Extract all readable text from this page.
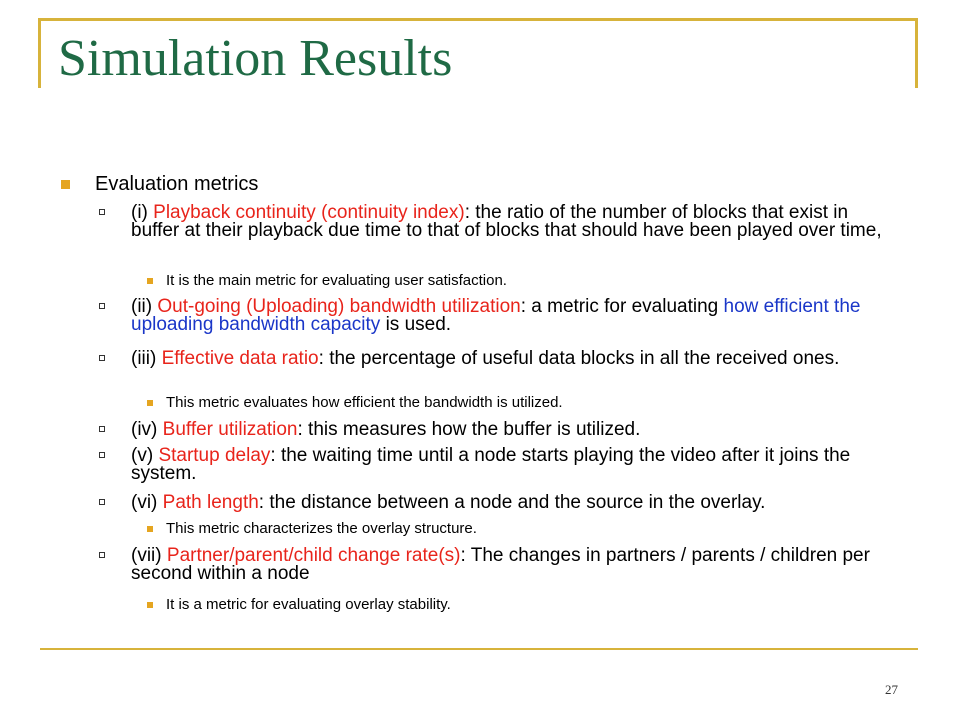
Simulation Results
Evaluation metrics
(i) Playback continuity (continuity index): the ratio of the number of blocks that exist in buffer at their playback due time to that of blocks that should have been played over time,
It is the main metric for evaluating user satisfaction.
(ii) Out-going (Uploading) bandwidth utilization: a metric for evaluating how efficient the uploading bandwidth capacity is used.
(iii) Effective data ratio: the percentage of useful data blocks in all the received ones.
This metric evaluates how efficient the bandwidth is utilized.
(iv) Buffer utilization: this measures how the buffer is utilized.
(v) Startup delay: the waiting time until a node starts playing the video after it joins the system.
(vi) Path length: the distance between a node and the source in the overlay.
This metric characterizes the overlay structure.
(vii) Partner/parent/child change rate(s): The changes in partners / parents / children per second within a node
It is a metric for evaluating overlay stability.
27
